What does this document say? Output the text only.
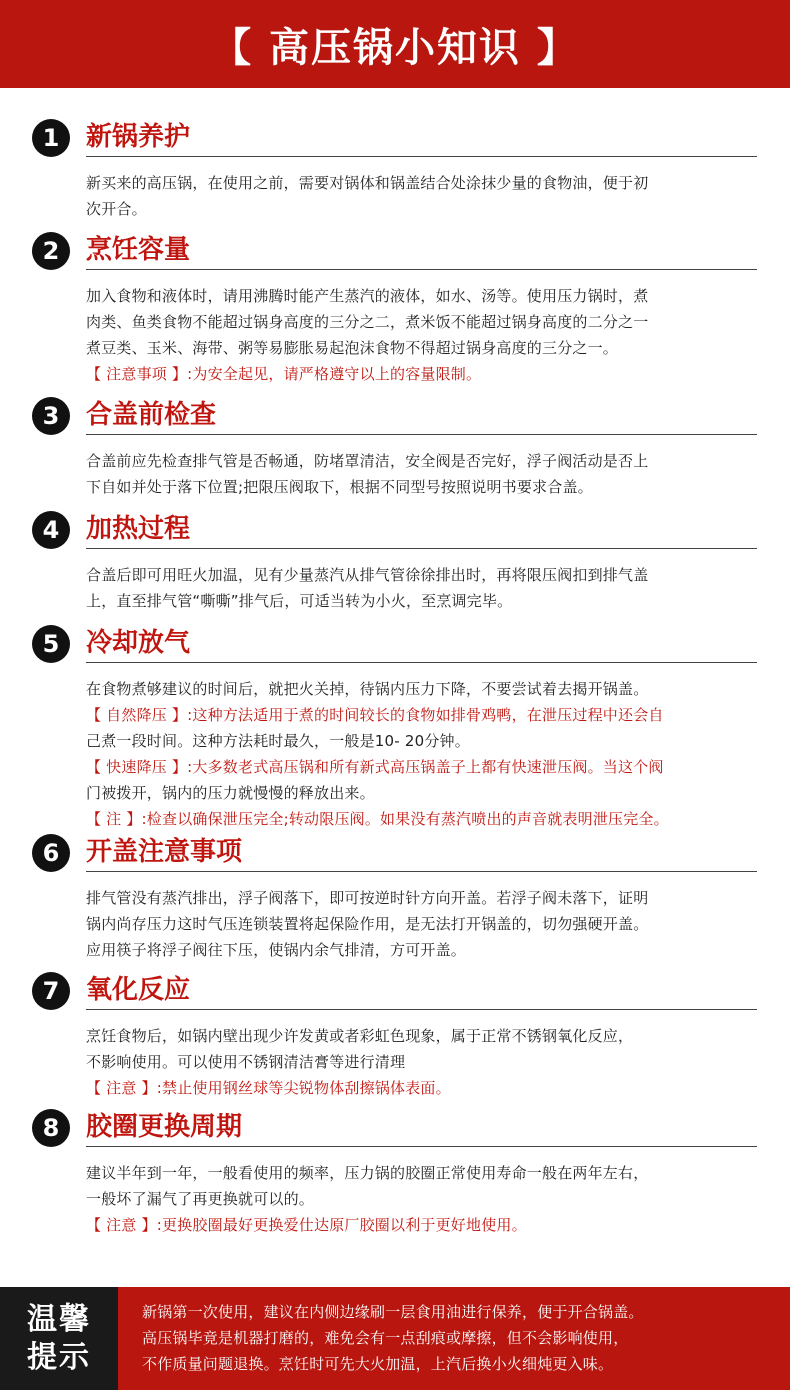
【 高压锅小知识 】
1	新锅养护
新买来的高压锅，在使用之前，需要对锅体和锅盖结合处涂抹少量的食物油，便于初
次开合。
2	烹饪容量
加入食物和液体时，请用沸腾时能产生蒸汽的液体，如水、汤等。使用压力锅时，煮
肉类、鱼类食物不能超过锅身高度的三分之二，煮米饭不能超过锅身高度的二分之一
煮豆类、玉米、海带、粥等易膨胀易起泡沫食物不得超过锅身高度的三分之一。
【 注意事项 】:为安全起见，请严格遵守以上的容量限制。
3	合盖前检查
合盖前应先检查排气管是否畅通，防堵罩清洁，安全阀是否完好，浮子阀活动是否上
下自如并处于落下位置;把限压阀取下，根据不同型号按照说明书要求合盖。
4	加热过程
合盖后即可用旺火加温，见有少量蒸汽从排气管徐徐排出时，再将限压阀扣到排气盖
上，直至排气管“嘶嘶”排气后，可适当转为小火，至烹调完毕。
5	冷却放气
在食物煮够建议的时间后，就把火关掉，待锅内压力下降，不要尝试着去揭开锅盖。
【 自然降压 】:这种方法适用于煮的时间较长的食物如排骨鸡鸭，在泄压过程中还会自
己煮一段时间。这种方法耗时最久，一般是10- 20分钟。
【 快速降压 】:大多数老式高压锅和所有新式高压锅盖子上都有快速泄压阀。当这个阀
门被拨开，锅内的压力就慢慢的释放出来。
【 注 】:检查以确保泄压完全;转动限压阀。如果没有蒸汽喷出的声音就表明泄压完全。
6	开盖注意事项
排气管没有蒸汽排出，浮子阀落下，即可按逆时针方向开盖。若浮子阀未落下，证明
锅内尚存压力这时气压连锁装置将起保险作用，是无法打开锅盖的，切勿强硬开盖。
应用筷子将浮子阀往下压，使锅内余气排清，方可开盖。
7	氧化反应
烹饪食物后，如锅内壁出现少许发黄或者彩虹色现象，属于正常不锈钢氧化反应，
不影响使用。可以使用不锈钢清洁膏等进行清理
【 注意 】:禁止使用钢丝球等尖锐物体刮擦锅体表面。
8	胶圈更换周期
建议半年到一年，一般看使用的频率，压力锅的胶圈正常使用寿命一般在两年左右，
一般坏了漏气了再更换就可以的。
【 注意 】:更换胶圈最好更换爱仕达原厂胶圈以利于更好地使用。
温馨
提示
新锅第一次使用，建议在内侧边缘刷一层食用油进行保养，便于开合锅盖。
高压锅毕竟是机器打磨的，难免会有一点刮痕或摩擦，但不会影响使用，
不作质量问题退换。烹饪时可先大火加温，上汽后换小火细炖更入味。
